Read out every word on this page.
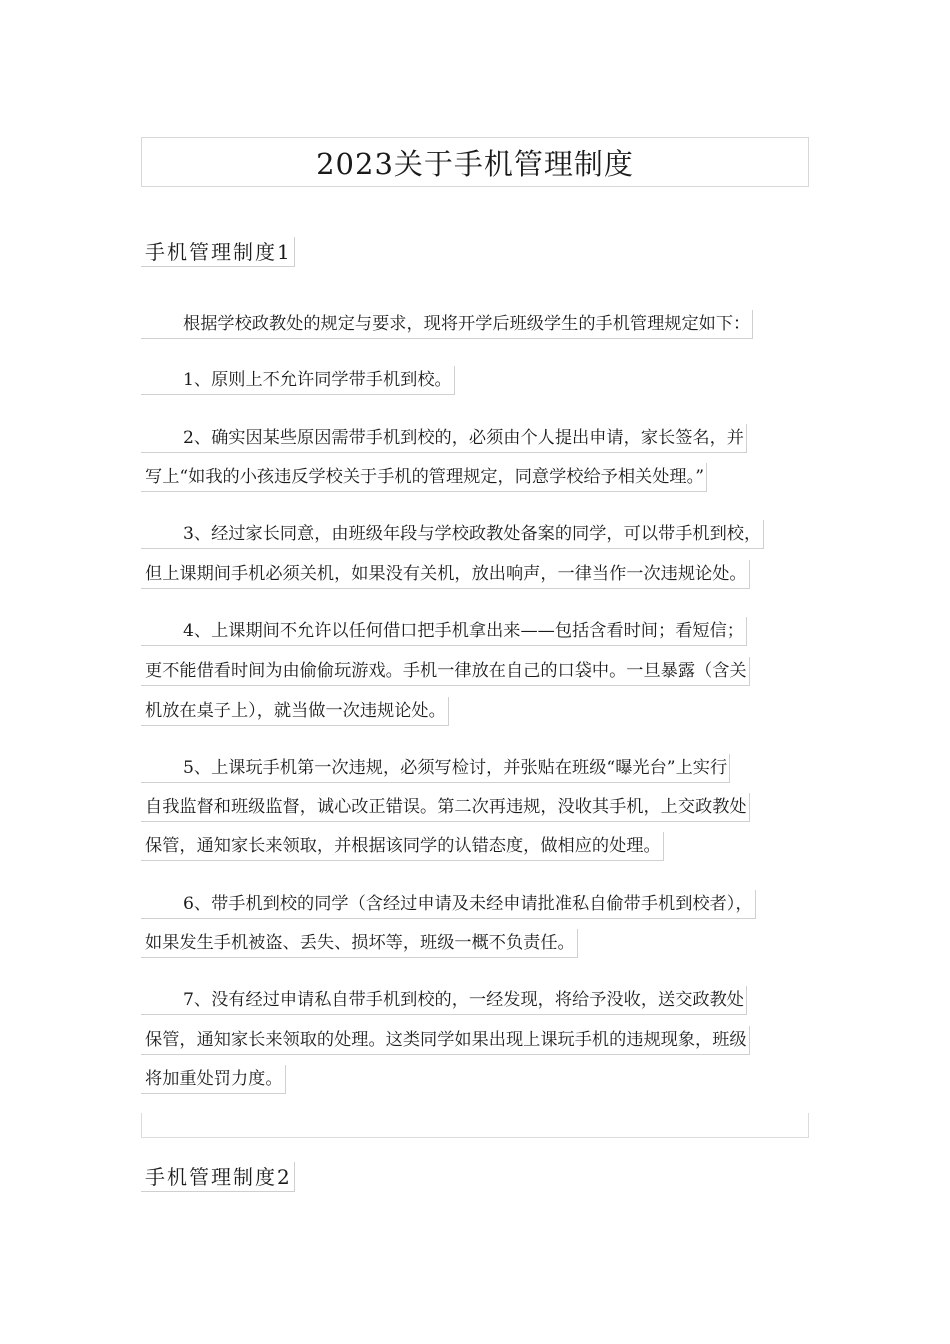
2023关于手机管理制度
手机管理制度1
根据学校政教处的规定与要求，现将开学后班级学生的手机管理规定如下：
1、原则上不允许同学带手机到校。
2、确实因某些原因需带手机到校的，必须由个人提出申请，家长签名，并
写上“如我的小孩违反学校关于手机的管理规定，同意学校给予相关处理。”
3、经过家长同意，由班级年段与学校政教处备案的同学，可以带手机到校，
但上课期间手机必须关机，如果没有关机，放出响声，一律当作一次违规论处。
4、上课期间不允许以任何借口把手机拿出来——包括含看时间；看短信；
更不能借看时间为由偷偷玩游戏。手机一律放在自己的口袋中。一旦暴露（含关
机放在桌子上），就当做一次违规论处。
5、上课玩手机第一次违规，必须写检讨，并张贴在班级“曝光台”上实行
自我监督和班级监督，诚心改正错误。第二次再违规，没收其手机，上交政教处
保管，通知家长来领取，并根据该同学的认错态度，做相应的处理。
6、带手机到校的同学（含经过申请及未经申请批准私自偷带手机到校者），
如果发生手机被盗、丢失、损坏等，班级一概不负责任。
7、没有经过申请私自带手机到校的，一经发现，将给予没收，送交政教处
保管，通知家长来领取的处理。这类同学如果出现上课玩手机的违规现象，班级
将加重处罚力度。
手机管理制度2
